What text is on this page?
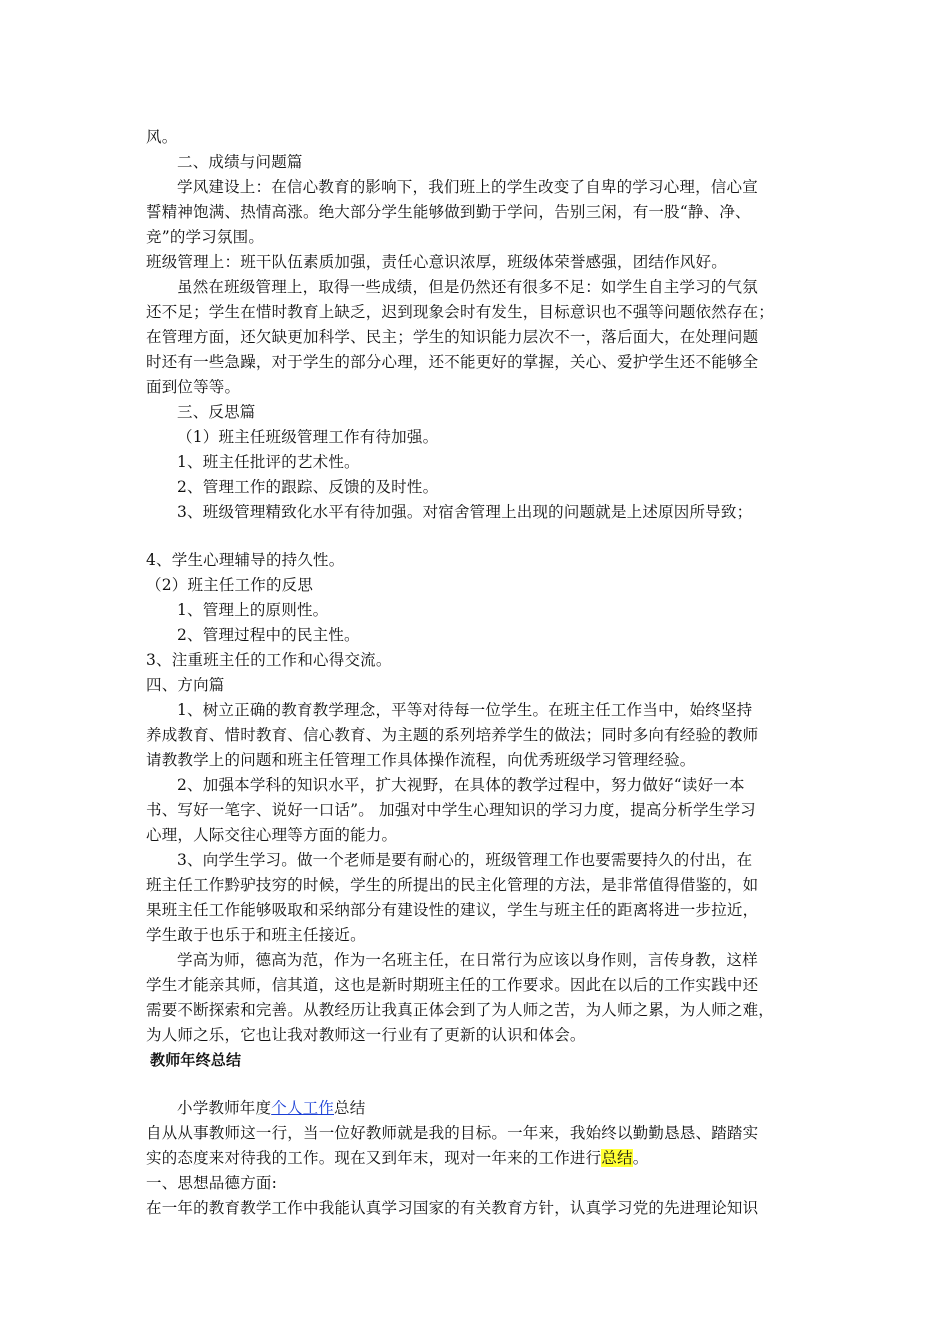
风。

二、成绩与问题篇

学风建设上：在信心教育的影响下，我们班上的学生改变了自卑的学习心理，信心宣

誓精神饱满、热情高涨。绝大部分学生能够做到勤于学问，告别三闲，有一股“静、净、

竞”的学习氛围。

班级管理上：班干队伍素质加强，责任心意识浓厚，班级体荣誉感强，团结作风好。

虽然在班级管理上，取得一些成绩，但是仍然还有很多不足：如学生自主学习的气氛

还不足；学生在惜时教育上缺乏，迟到现象会时有发生，目标意识也不强等问题依然存在；

在管理方面，还欠缺更加科学、民主；学生的知识能力层次不一，落后面大，在处理问题

时还有一些急躁，对于学生的部分心理，还不能更好的掌握，关心、爱护学生还不能够全

面到位等等。

三、反思篇

（1）班主任班级管理工作有待加强。

1、班主任批评的艺术性。

2、管理工作的跟踪、反馈的及时性。

3、班级管理精致化水平有待加强。对宿舍管理上出现的问题就是上述原因所导致；

4、学生心理辅导的持久性。

（2）班主任工作的反思

1、管理上的原则性。

2、管理过程中的民主性。

3、注重班主任的工作和心得交流。

四、方向篇

1、树立正确的教育教学理念，平等对待每一位学生。在班主任工作当中，始终坚持

养成教育、惜时教育、信心教育、为主题的系列培养学生的做法；同时多向有经验的教师

请教教学上的问题和班主任管理工作具体操作流程，向优秀班级学习管理经验。

2、加强本学科的知识水平，扩大视野，在具体的教学过程中，努力做好“读好一本

书、写好一笔字、说好一口话”。 加强对中学生心理知识的学习力度，提高分析学生学习

心理，人际交往心理等方面的能力。

3、向学生学习。做一个老师是要有耐心的，班级管理工作也要需要持久的付出，在

班主任工作黔驴技穷的时候，学生的所提出的民主化管理的方法，是非常值得借鉴的，如

果班主任工作能够吸取和采纳部分有建设性的建议，学生与班主任的距离将进一步拉近，

学生敢于也乐于和班主任接近。

学高为师，德高为范，作为一名班主任，在日常行为应该以身作则，言传身教，这样

学生才能亲其师，信其道，这也是新时期班主任的工作要求。因此在以后的工作实践中还

需要不断探索和完善。从教经历让我真正体会到了为人师之苦，为人师之累，为人师之难，

为人师之乐，它也让我对教师这一行业有了更新的认识和体会。

教师年终总结

小学教师年度个人工作总结

自从从事教师这一行，当一位好教师就是我的目标。一年来，我始终以勤勤恳恳、踏踏实

实的态度来对待我的工作。现在又到年末，现对一年来的工作进行总结。

一、思想品德方面:

在一年的教育教学工作中我能认真学习国家的有关教育方针，认真学习党的先进理论知识
